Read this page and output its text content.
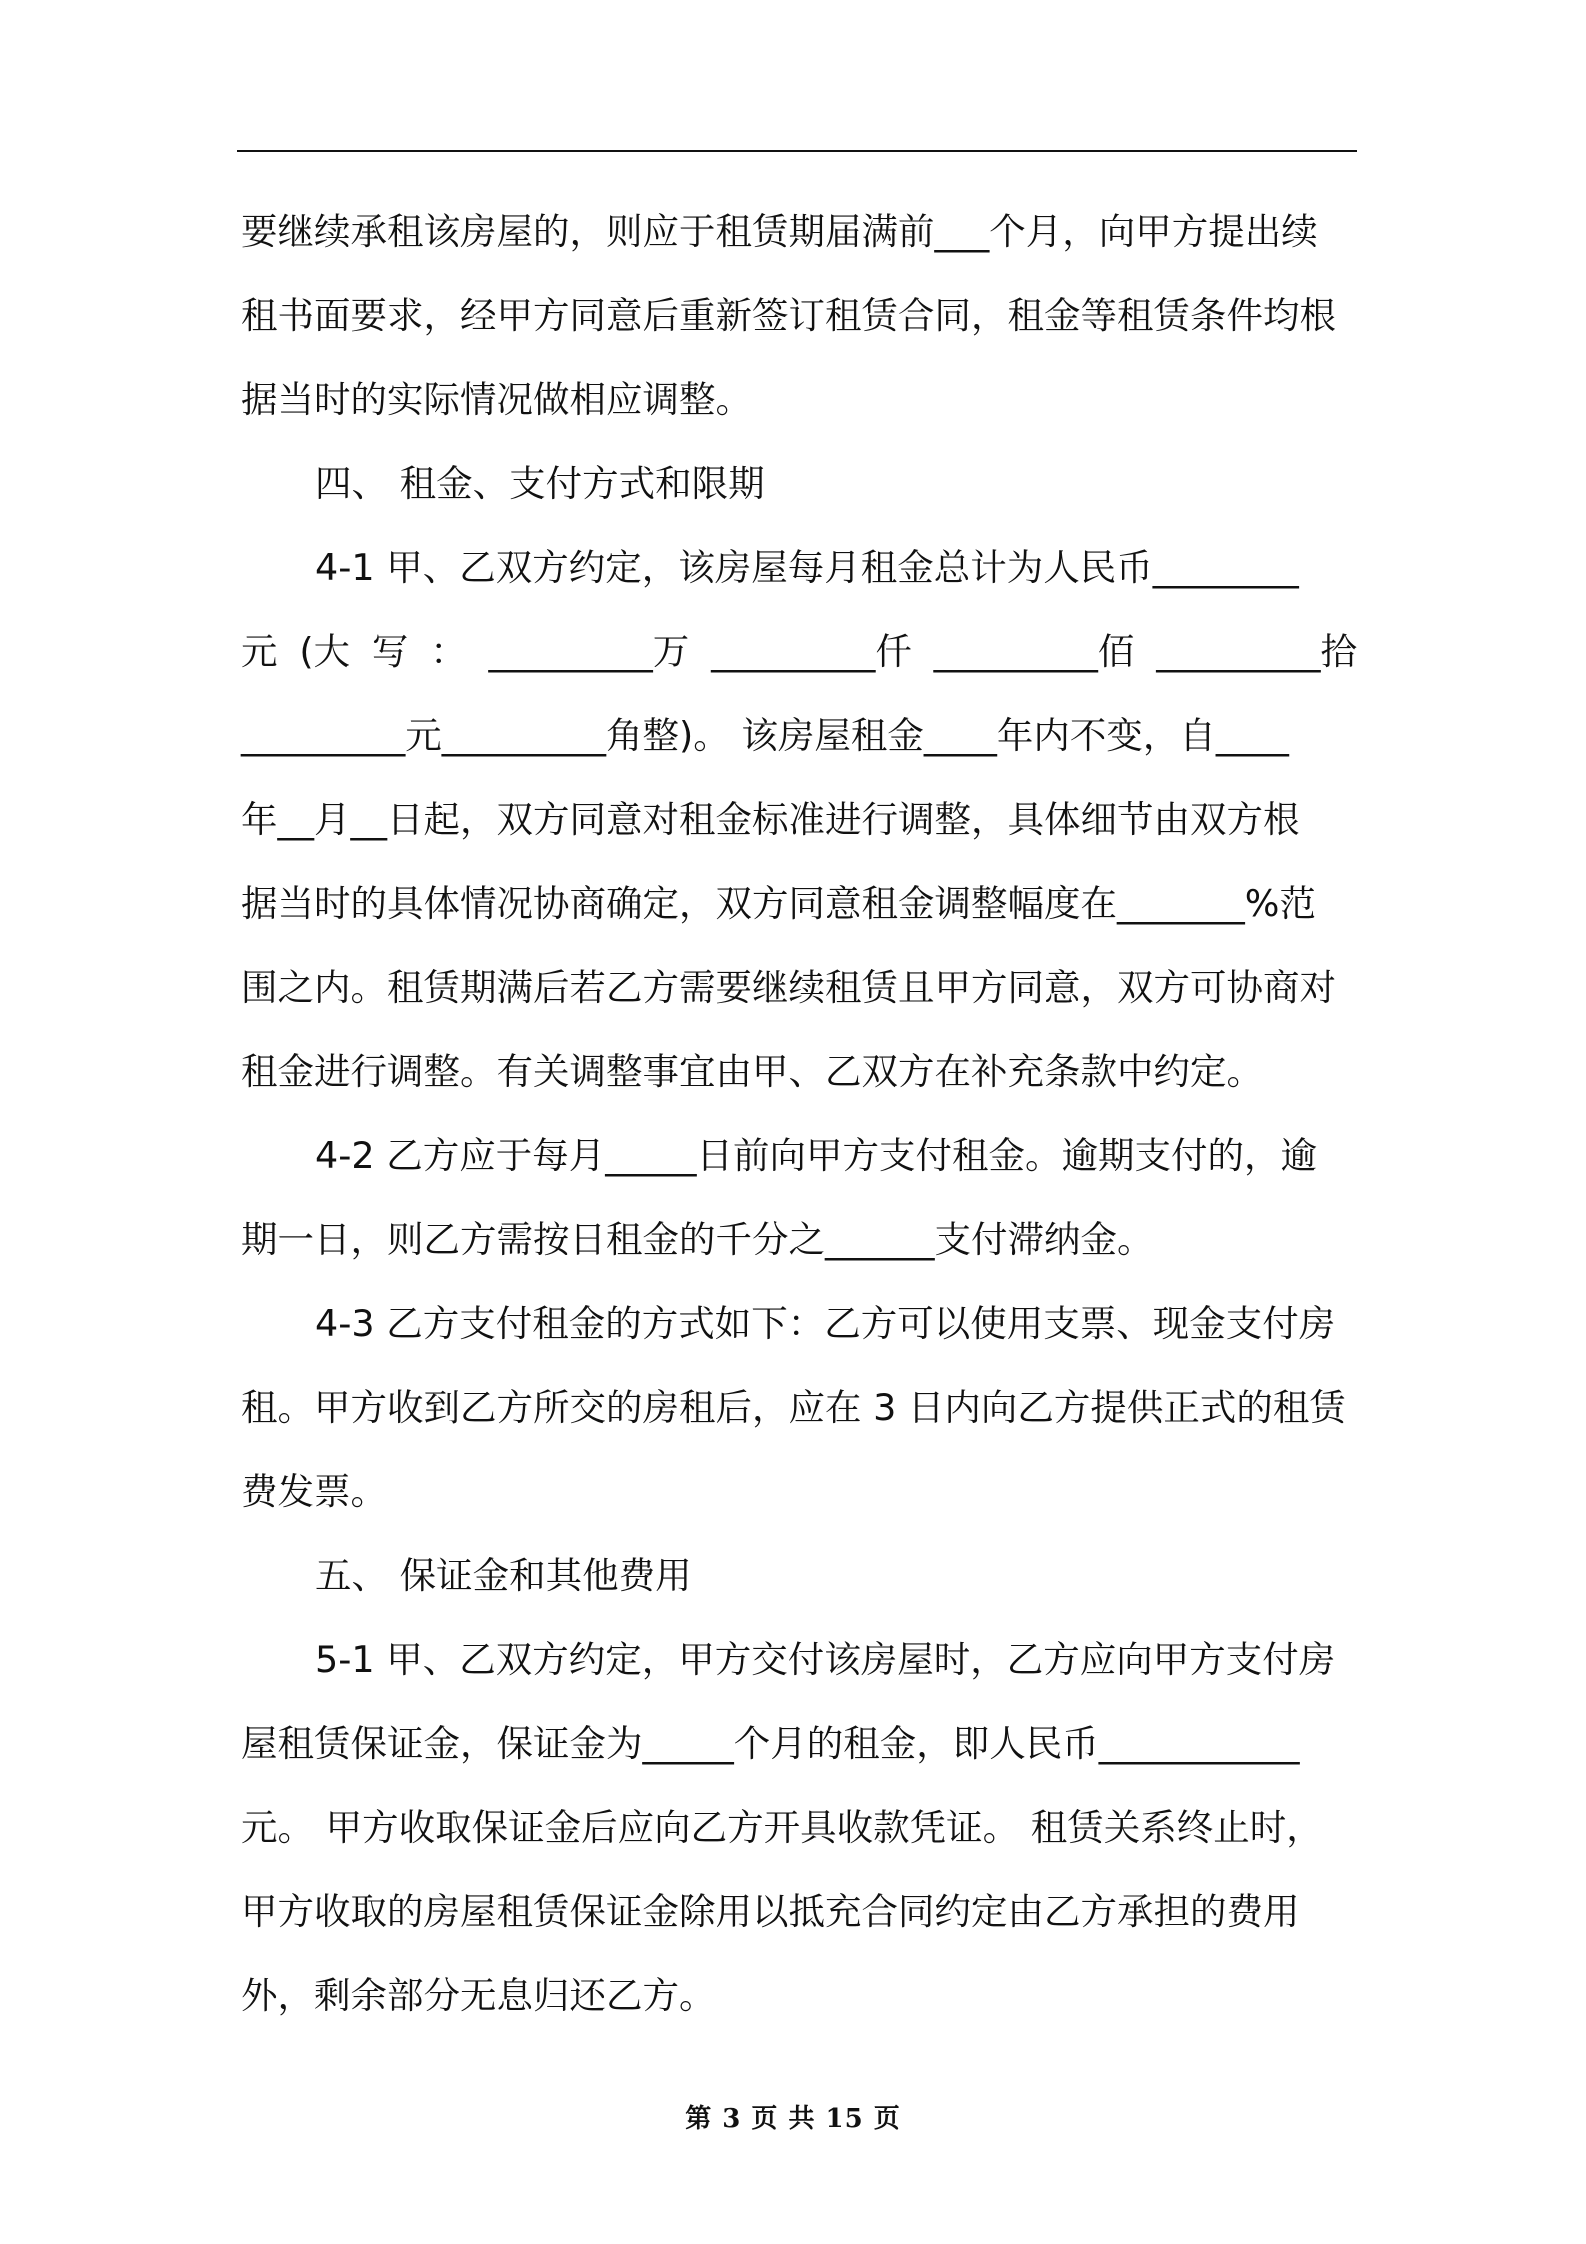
要继续承租该房屋的，则应于租赁期届满前___个月，向甲方提出续
租书面要求，经甲方同意后重新签订租赁合同，租金等租赁条件均根
据当时的实际情况做相应调整。
四、 租金、支付方式和限期
4-1 甲、乙双方约定，该房屋每月租金总计为人民币________
元 (大 写 ： _________万 _________仟 _________佰 _________拾
_________元_________角整)。 该房屋租金____年内不变，自____
年__月__日起，双方同意对租金标准进行调整，具体细节由双方根
据当时的具体情况协商确定，双方同意租金调整幅度在_______%范
围之内。租赁期满后若乙方需要继续租赁且甲方同意，双方可协商对
租金进行调整。有关调整事宜由甲、乙双方在补充条款中约定。
4-2 乙方应于每月_____日前向甲方支付租金。逾期支付的，逾
期一日，则乙方需按日租金的千分之______支付滞纳金。
4-3 乙方支付租金的方式如下：乙方可以使用支票、现金支付房
租。甲方收到乙方所交的房租后，应在 3 日内向乙方提供正式的租赁
费发票。
五、 保证金和其他费用
5-1 甲、乙双方约定，甲方交付该房屋时，乙方应向甲方支付房
屋租赁保证金，保证金为_____个月的租金，即人民币___________
元。 甲方收取保证金后应向乙方开具收款凭证。 租赁关系终止时，
甲方收取的房屋租赁保证金除用以抵充合同约定由乙方承担的费用
外，剩余部分无息归还乙方。
第 3 页 共 15 页
